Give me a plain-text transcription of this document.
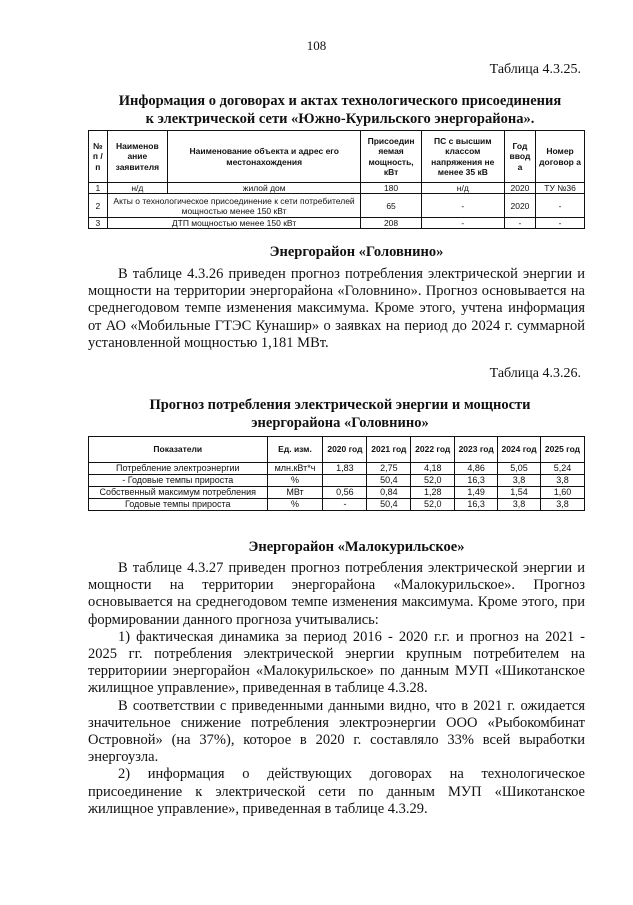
108
Таблица 4.3.25.
Информация о договорах и актах технологического присоединения
к электрической сети «Южно-Курильского энергорайона».
№ п / п	Наименов ание заявителя	Наименование объекта и адрес его местонахождения	Присоедин яемая мощность, кВт	ПС с высшим классом напряжения не менее 35 кВ	Год ввод а	Номер договор а
1	н/д	жилой дом	180	н/д	2020	ТУ №36
2	Акты о технологическое присоединение к сети потребителей мощностью менее 150 кВт		65	-	2020	-
3	ДТП мощностью менее 150 кВт		208	-	-	-
Энергорайон «Головнино»

В таблице 4.3.26 приведен прогноз потребления электрической энергии и мощности на территории энергорайона «Головнино». Прогноз основывается на среднегодовом темпе изменения максимума. Кроме этого, учтена информация от АО «Мобильные ГТЭС Кунашир» о заявках на период до 2024 г. суммарной установленной мощностью 1,181 МВт.

Таблица 4.3.26.
Прогноз потребления электрической энергии и мощности
энергорайона «Головнино»
Показатели	Ед. изм.	2020 год	2021 год	2022 год	2023 год	2024 год	2025 год
Потребление электроэнергии	млн.кВт*ч	1,83	2,75	4,18	4,86	5,05	5,24
- Годовые темпы прироста	%		50,4	52,0	16,3	3,8	3,8
Собственный максимум потребления	МВт	0,56	0,84	1,28	1,49	1,54	1,60
Годовые темпы прироста	%	-	50,4	52,0	16,3	3,8	3,8
Энергорайон «Малокурильское»

В таблице 4.3.27 приведен прогноз потребления электрической энергии и мощности на территории энергорайона «Малокурильское». Прогноз основывается на среднегодовом темпе изменения максимума. Кроме этого, при формировании данного прогноза учитывались:

1) фактическая динамика за период 2016 - 2020 г.г. и прогноз на 2021 - 2025 гг. потребления электрической энергии крупным потребителем на территориии энергорайон «Малокурильское» по данным МУП «Шикотанское жилищное управление», приведенная в таблице 4.3.28.

В соответствии с приведенными данными видно, что в 2021 г. ожидается значительное снижение потребления электроэнергии ООО «Рыбокомбинат Островной» (на 37%), которое в 2020 г. составляло 33% всей выработки энергоузла.

2) информация о действующих договорах на технологическое присоединение к электрической сети по данным МУП «Шикотанское жилищное управление», приведенная в таблице 4.3.29.
